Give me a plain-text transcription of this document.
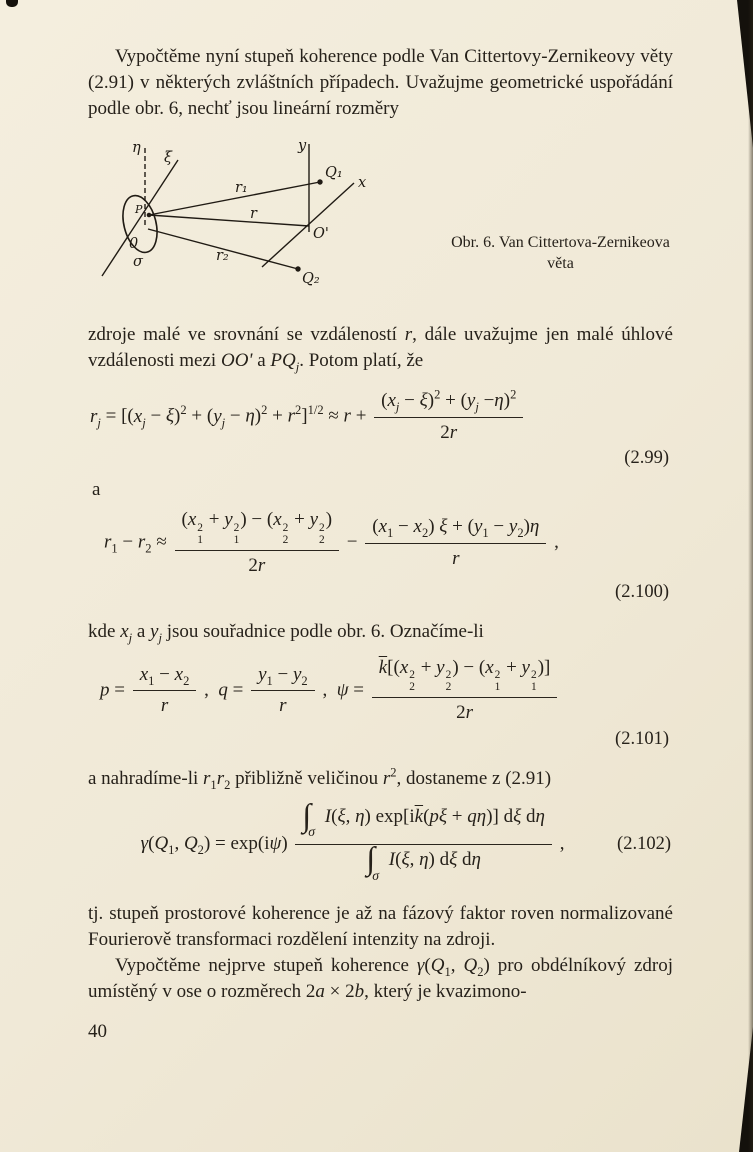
Vypočtěme nyní stupeň koherence podle Van Cittertovy-Zernikeovy věty (2.91) v některých zvláštních případech. Uvažujme geometrické uspořádání podle obr. 6, nechť jsou lineární rozměry

η
ξ
y
x
P
0
σ
Q₁
Q₂
O'
r₁
r
r₂
Obr. 6. Van Cittertova-Zernikeova
věta

zdroje malé ve srovnání se vzdáleností r, dále uvažujme jen malé úhlové vzdálenosti mezi OO' a $PQ_j$. Potom platí, že

$r_j = [(x_j - \xi)^2 + (y_j - \eta)^2 + r^2]^{1/2} \approx r + \frac{(x_j - \xi)^2 + (y_j -\eta)^2}{2r}$
(2.99)

a

$r_1 - r_2 \approx (x$ 2
1
+ y 2
1
) − (x 2
2
+ y 2
2
)
$2r - \frac{(x_1 - x_2) \xi + (y_1 - y_2)\eta}{r}$ ,
(2.100)

kde $x_j$ a $y_j$ jsou souřadnice podle obr. 6. Označíme-li

$p = \frac{x_1 - x_2}{r}$ ,  $q = \frac{y_1 - y_2}{r}$ ,  $\psi = \overline{k}[(x$ 2
2
+ y 2
2
) − (x 2
1
+ y 2
1
)]
2r
(2.101)

a nahradíme-li $r_1r_2$ přibližně veličinou $r^2$, dostaneme z (2.91)

$\gamma(Q_1$, $Q_2) = \exp(i\psi) \frac{\int\sigma I(\xi, \eta) \exp[i\overline{k}(p\xi + q\eta)] d\xi d\eta}{\text{∫σ I(ξ, η) dξ dη}}$ ,	(2.102)

tj. stupeň prostorové koherence je až na fázový faktor roven normalizované Fourierově transformaci rozdělení intenzity na zdroji.

Vypočtěme nejprve stupeň koherence $\gamma(Q_1$, $Q_2$) pro obdélníkový zdroj umístěný v ose o rozměrech 2a × 2b, který je kvazimono-

40
